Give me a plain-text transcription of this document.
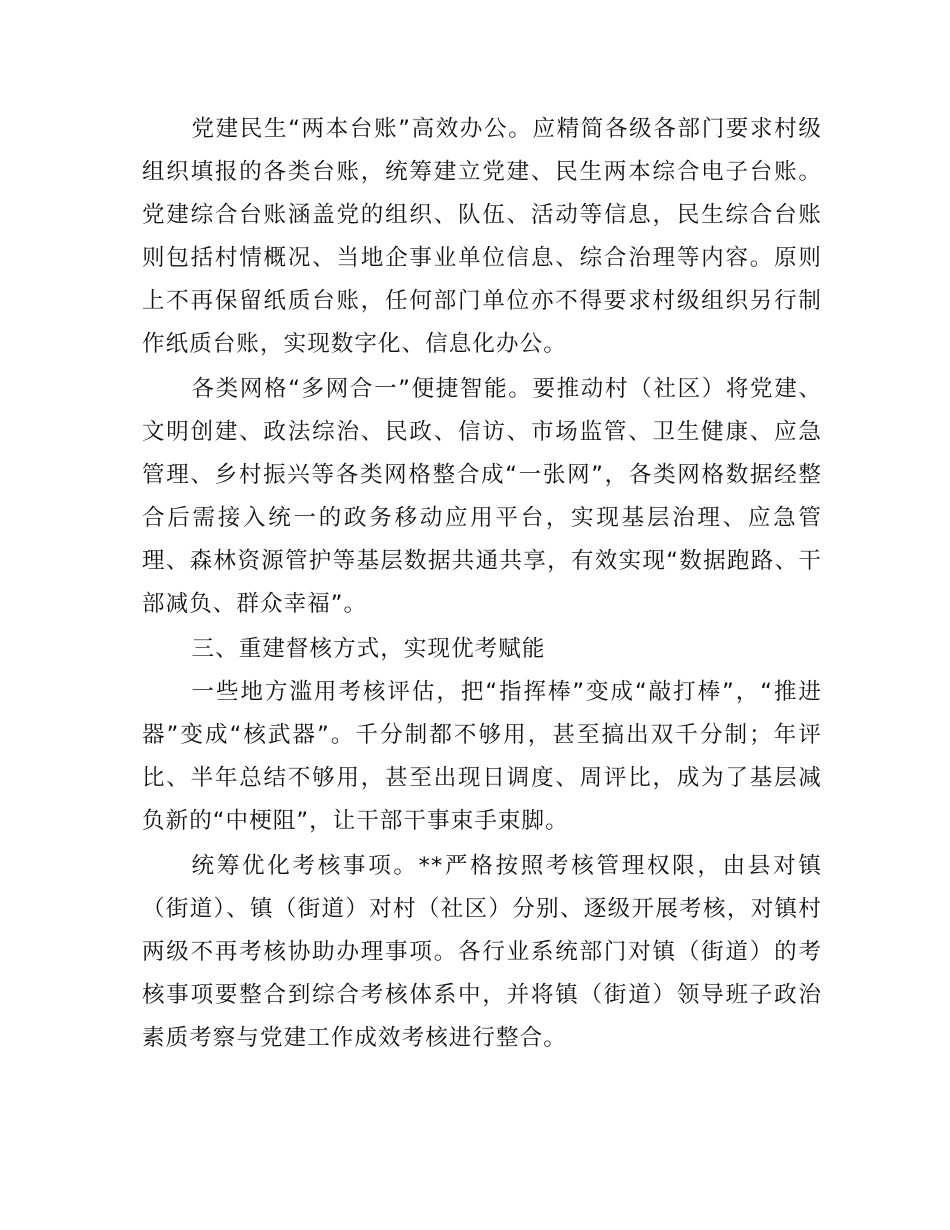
党建民生“两本台账”高效办公。应精简各级各部门要求村级组织填报的各类台账，统筹建立党建、民生两本综合电子台账。党建综合台账涵盖党的组织、队伍、活动等信息，民生综合台账则包括村情概况、当地企事业单位信息、综合治理等内容。原则上不再保留纸质台账，任何部门单位亦不得要求村级组织另行制作纸质台账，实现数字化、信息化办公。

各类网格“多网合一”便捷智能。要推动村（社区）将党建、文明创建、政法综治、民政、信访、市场监管、卫生健康、应急管理、乡村振兴等各类网格整合成“一张网”，各类网格数据经整合后需接入统一的政务移动应用平台，实现基层治理、应急管理、森林资源管护等基层数据共通共享，有效实现“数据跑路、干部减负、群众幸福”。

三、重建督核方式，实现优考赋能

一些地方滥用考核评估，把“指挥棒”变成“敲打棒”，“推进器”变成“核武器”。千分制都不够用，甚至搞出双千分制；年评比、半年总结不够用，甚至出现日调度、周评比，成为了基层减负新的“中梗阻”，让干部干事束手束脚。

统筹优化考核事项。**严格按照考核管理权限，由县对镇（街道）、镇（街道）对村（社区）分别、逐级开展考核，对镇村两级不再考核协助办理事项。各行业系统部门对镇（街道）的考核事项要整合到综合考核体系中，并将镇（街道）领导班子政治素质考察与党建工作成效考核进行整合。
